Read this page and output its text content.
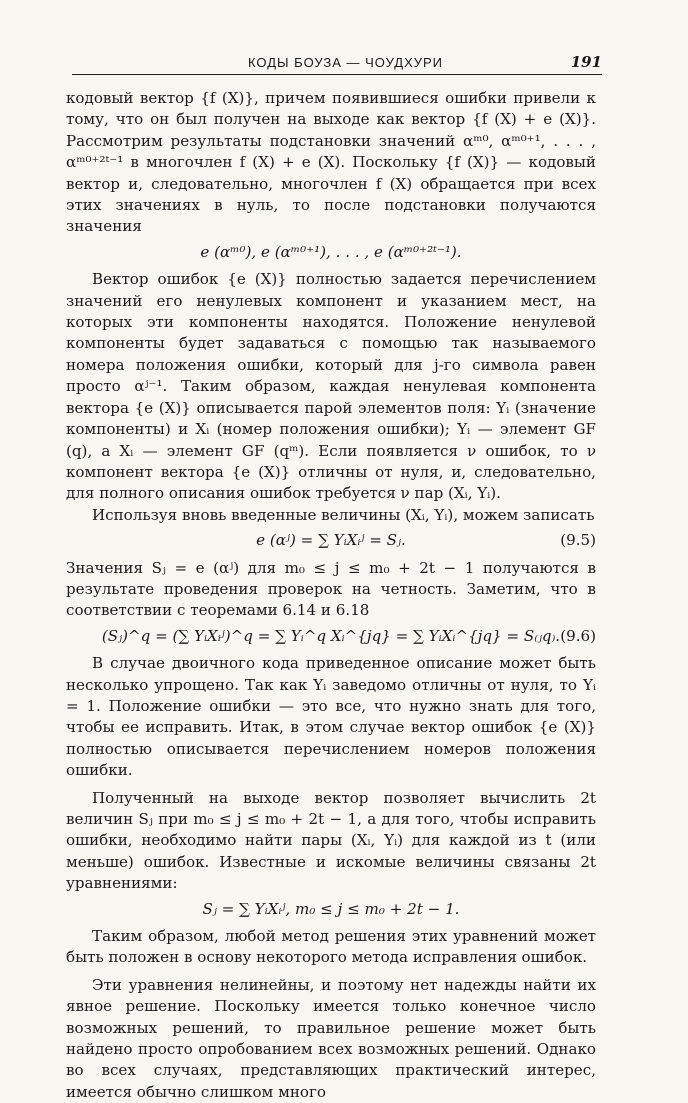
КОДЫ БОУЗА — ЧОУДХУРИ	191

кодовый вектор {f (X)}, причем появившиеся ошибки привели к тому, что он был получен на выходе как вектор {f (X) + e (X)}. Рассмотрим результаты подстановки значений αᵐ⁰, αᵐ⁰⁺¹, . . . , αᵐ⁰⁺²ᵗ⁻¹ в многочлен f (X) + e (X). Поскольку {f (X)} — кодовый вектор и, следовательно, многочлен f (X) обращается при всех этих значениях в нуль, то после подстановки получаются значения

e (αᵐ⁰), e (αᵐ⁰⁺¹), . . . , e (αᵐ⁰⁺²ᵗ⁻¹).

Вектор ошибок {e (X)} полностью задается перечислением значений его ненулевых компонент и указанием мест, на которых эти компоненты находятся. Положение ненулевой компоненты будет задаваться с помощью так называемого номера положения ошибки, который для j-го символа равен просто αʲ⁻¹. Таким образом, каждая ненулевая компонента вектора {e (X)} описывается парой элементов поля: Yᵢ (значение компоненты) и Xᵢ (номер положения ошибки); Yᵢ — элемент GF (q), а Xᵢ — элемент GF (qᵐ). Если появляется ν ошибок, то ν компонент вектора {e (X)} отличны от нуля, и, следовательно, для полного описания ошибок требуется ν пар (Xᵢ, Yᵢ).

Используя вновь введенные величины (Xᵢ, Yᵢ), можем записать

e (αʲ) = ∑ YᵢXᵢʲ = Sⱼ.	(9.5)

Значения Sⱼ = e (αʲ) для m₀ ≤ j ≤ m₀ + 2t − 1 получаются в результате проведения проверок на четность. Заметим, что в соответствии с теоремами 6.14 и 6.18

(Sⱼ)^q = (∑ YᵢXᵢʲ)^q = ∑ Yᵢ^q Xᵢ^{jq} = ∑ YᵢXᵢ^{jq} = S₍ⱼq₎. (9.6)

В случае двоичного кода приведенное описание может быть несколько упрощено. Так как Yᵢ заведомо отличны от нуля, то Yᵢ = 1. Положение ошибки — это все, что нужно знать для того, чтобы ее исправить. Итак, в этом случае вектор ошибок {e (X)} полностью описывается перечислением номеров положения ошибки.

Полученный на выходе вектор позволяет вычислить 2t величин Sⱼ при m₀ ≤ j ≤ m₀ + 2t − 1, а для того, чтобы исправить ошибки, необходимо найти пары (Xᵢ, Yᵢ) для каждой из t (или меньше) ошибок. Известные и искомые величины связаны 2t уравнениями:

Sⱼ = ∑ YᵢXᵢʲ, m₀ ≤ j ≤ m₀ + 2t − 1.

Таким образом, любой метод решения этих уравнений может быть положен в основу некоторого метода исправления ошибок.

Эти уравнения нелинейны, и поэтому нет надежды найти их явное решение. Поскольку имеется только конечное число возможных решений, то правильное решение может быть найдено просто опробованием всех возможных решений. Однако во всех случаях, представляющих практический интерес, имеется обычно слишком много
